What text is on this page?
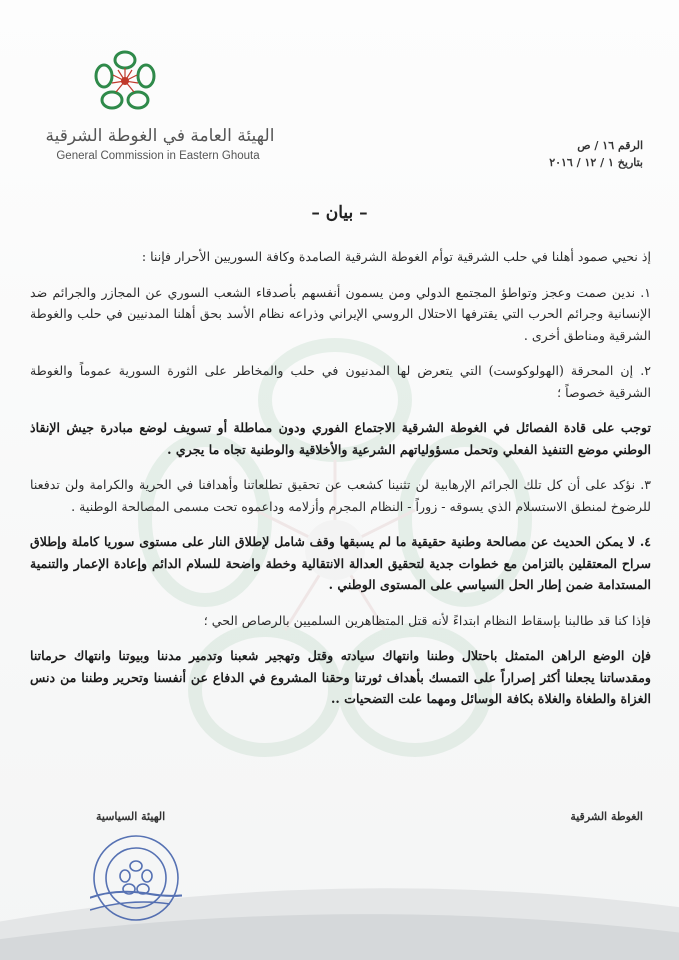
الهيئة العامة في الغوطة الشرقية
General Commission in Eastern Ghouta
الرقم ١٦ / ص
بتاريخ ١ / ١٢ / ٢٠١٦
– بيان –

إذ نحيي صمود أهلنا في حلب الشرقية توأم الغوطة الشرقية الصامدة وكافة السوريين الأحرار فإننا :

١. ندين صمت وعجز وتواطؤ المجتمع الدولي ومن يسمون أنفسهم بأصدقاء الشعب السوري عن المجازر والجرائم ضد الإنسانية وجرائم الحرب التي يقترفها الاحتلال الروسي الإيراني وذراعه نظام الأسد بحق أهلنا المدنيين في حلب والغوطة الشرقية ومناطق أخرى .

٢. إن المحرقة (الهولوكوست) التي يتعرض لها المدنيون في حلب والمخاطر على الثورة السورية عموماً والغوطة الشرقية خصوصاً ؛

توجب على قادة الفصائل في الغوطة الشرقية الاجتماع الفوري ودون مماطلة أو تسويف لوضع مبادرة جيش الإنقاذ الوطني موضع التنفيذ الفعلي وتحمل مسؤولياتهم الشرعية والأخلاقية والوطنية تجاه ما يجري .

٣. نؤكد على أن كل تلك الجرائم الإرهابية لن تثنينا كشعب عن تحقيق تطلعاتنا وأهدافنا في الحرية والكرامة ولن تدفعنا للرضوخ لمنطق الاستسلام الذي يسوقه - زوراً - النظام المجرم وأزلامه وداعموه تحت مسمى المصالحة الوطنية .

٤. لا يمكن الحديث عن مصالحة وطنية حقيقية ما لم يسبقها وقف شامل لإطلاق النار على مستوى سوريا كاملة وإطلاق سراح المعتقلين بالتزامن مع خطوات جدية لتحقيق العدالة الانتقالية وخطة واضحة للسلام الدائم وإعادة الإعمار والتنمية المستدامة ضمن إطار الحل السياسي على المستوى الوطني .

فإذا كنا قد طالبنا بإسقاط النظام ابتداءً لأنه قتل المتظاهرين السلميين بالرصاص الحي ؛

فإن الوضع الراهن المتمثل باحتلال وطننا وانتهاك سيادته وقتل وتهجير شعبنا وتدمير مدننا وبيوتنا وانتهاك حرماتنا ومقدساتنا يجعلنا أكثر إصراراً على التمسك بأهداف ثورتنا وحقنا المشروع في الدفاع عن أنفسنا وتحرير وطننا من دنس الغزاة والطغاة والغلاة بكافة الوسائل ومهما علت التضحيات ..

الهيئة السياسية	الغوطة الشرقية
